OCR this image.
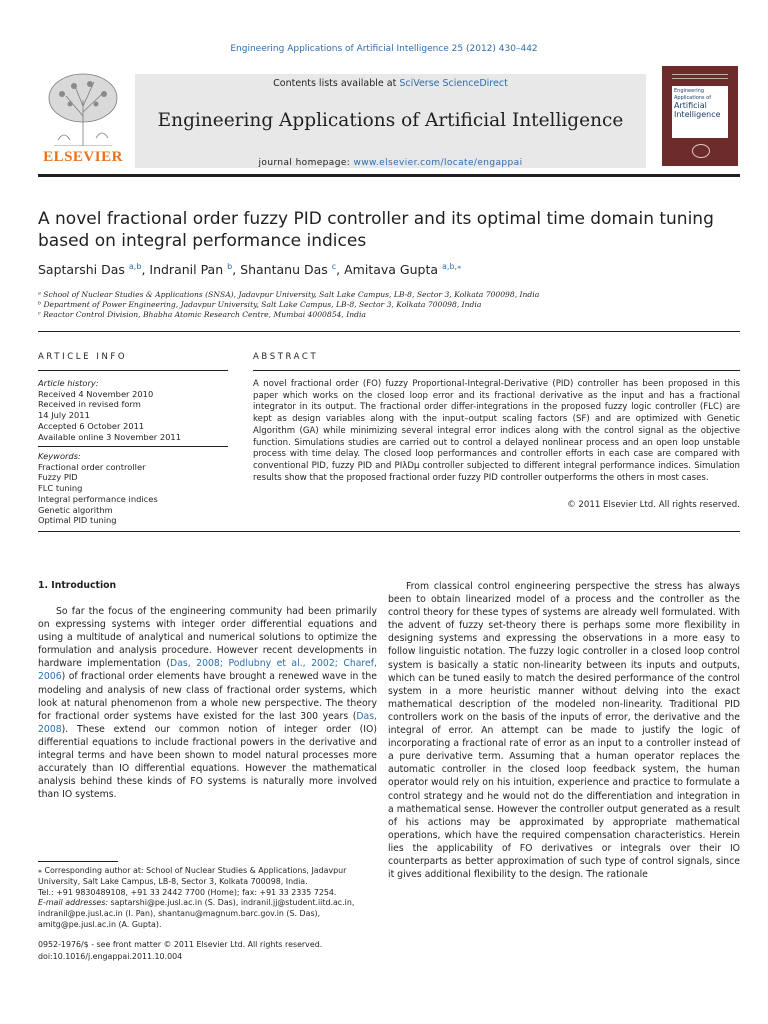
Engineering Applications of Artificial Intelligence 25 (2012) 430–442
ELSEVIER
Contents lists available at SciVerse ScienceDirect
Engineering Applications of Artificial Intelligence
journal homepage: www.elsevier.com/locate/engappai
Engineering Applications of
Artificial Intelligence
A novel fractional order fuzzy PID controller and its optimal time domain tuning based on integral performance indices
Saptarshi Das $^{a,b}$, Indranil Pan $^b$, Shantanu Das $^c$, Amitava Gupta $^{a,b,⁎}$
ᵃ School of Nuclear Studies & Applications (SNSA), Jadavpur University, Salt Lake Campus, LB-8, Sector 3, Kolkata 700098, India
ᵇ Department of Power Engineering, Jadavpur University, Salt Lake Campus, LB-8, Sector 3, Kolkata 700098, India
ᶜ Reactor Control Division, Bhabha Atomic Research Centre, Mumbai 4000854, India
ARTICLE INFO	ABSTRACT
Article history:
Received 4 November 2010
Received in revised form
14 July 2011
Accepted 6 October 2011
Available online 3 November 2011
Keywords:
Fractional order controller
Fuzzy PID
FLC tuning
Integral performance indices
Genetic algorithm
Optimal PID tuning
A novel fractional order (FO) fuzzy Proportional-Integral-Derivative (PID) controller has been proposed in this paper which works on the closed loop error and its fractional derivative as the input and has a fractional integrator in its output. The fractional order differ-integrations in the proposed fuzzy logic controller (FLC) are kept as design variables along with the input–output scaling factors (SF) and are optimized with Genetic Algorithm (GA) while minimizing several integral error indices along with the control signal as the objective function. Simulations studies are carried out to control a delayed nonlinear process and an open loop unstable process with time delay. The closed loop performances and controller efforts in each case are compared with conventional PID, fuzzy PID and PIλDμ controller subjected to different integral performance indices. Simulation results show that the proposed fractional order fuzzy PID controller outperforms the others in most cases.
© 2011 Elsevier Ltd. All rights reserved.
1. Introduction
So far the focus of the engineering community had been primarily on expressing systems with integer order differential equations and using a multitude of analytical and numerical solutions to optimize the formulation and analysis procedure. However recent developments in hardware implementation (Das, 2008; Podlubny et al., 2002; Charef, 2006) of fractional order elements have brought a renewed wave in the modeling and analysis of new class of fractional order systems, which look at natural phenomenon from a whole new perspective. The theory for fractional order systems have existed for the last 300 years (Das, 2008). These extend our common notion of integer order (IO) differential equations to include fractional powers in the derivative and integral terms and have been shown to model natural processes more accurately than IO differential equations. However the mathematical analysis behind these kinds of FO systems is naturally more involved than IO systems.
From classical control engineering perspective the stress has always been to obtain linearized model of a process and the controller as the control theory for these types of systems are already well formulated. With the advent of fuzzy set-theory there is perhaps some more flexibility in designing systems and expressing the observations in a more easy to follow linguistic notation. The fuzzy logic controller in a closed loop control system is basically a static non-linearity between its inputs and outputs, which can be tuned easily to match the desired performance of the control system in a more heuristic manner without delving into the exact mathematical description of the modeled non-linearity. Traditional PID controllers work on the basis of the inputs of error, the derivative and the integral of error. An attempt can be made to justify the logic of incorporating a fractional rate of error as an input to a controller instead of a pure derivative term. Assuming that a human operator replaces the automatic controller in the closed loop feedback system, the human operator would rely on his intuition, experience and practice to formulate a control strategy and he would not do the differentiation and integration in a mathematical sense. However the controller output generated as a result of his actions may be approximated by appropriate mathematical operations, which have the required compensation characteristics. Herein lies the applicability of FO derivatives or integrals over their IO counterparts as better approximation of such type of control signals, since it gives additional flexibility to the design. The rationale
⁎ Corresponding author at: School of Nuclear Studies & Applications, Jadavpur University, Salt Lake Campus, LB-8, Sector 3, Kolkata 700098, India.
Tel.: +91 9830489108, +91 33 2442 7700 (Home); fax: +91 33 2335 7254.
E-mail addresses: saptarshi@pe.jusl.ac.in (S. Das), indranil.jj@student.iitd.ac.in, indranil@pe.jusl.ac.in (I. Pan), shantanu@magnum.barc.gov.in (S. Das), amitg@pe.jusl.ac.in (A. Gupta).
0952-1976/$ - see front matter © 2011 Elsevier Ltd. All rights reserved.
doi:10.1016/j.engappai.2011.10.004
